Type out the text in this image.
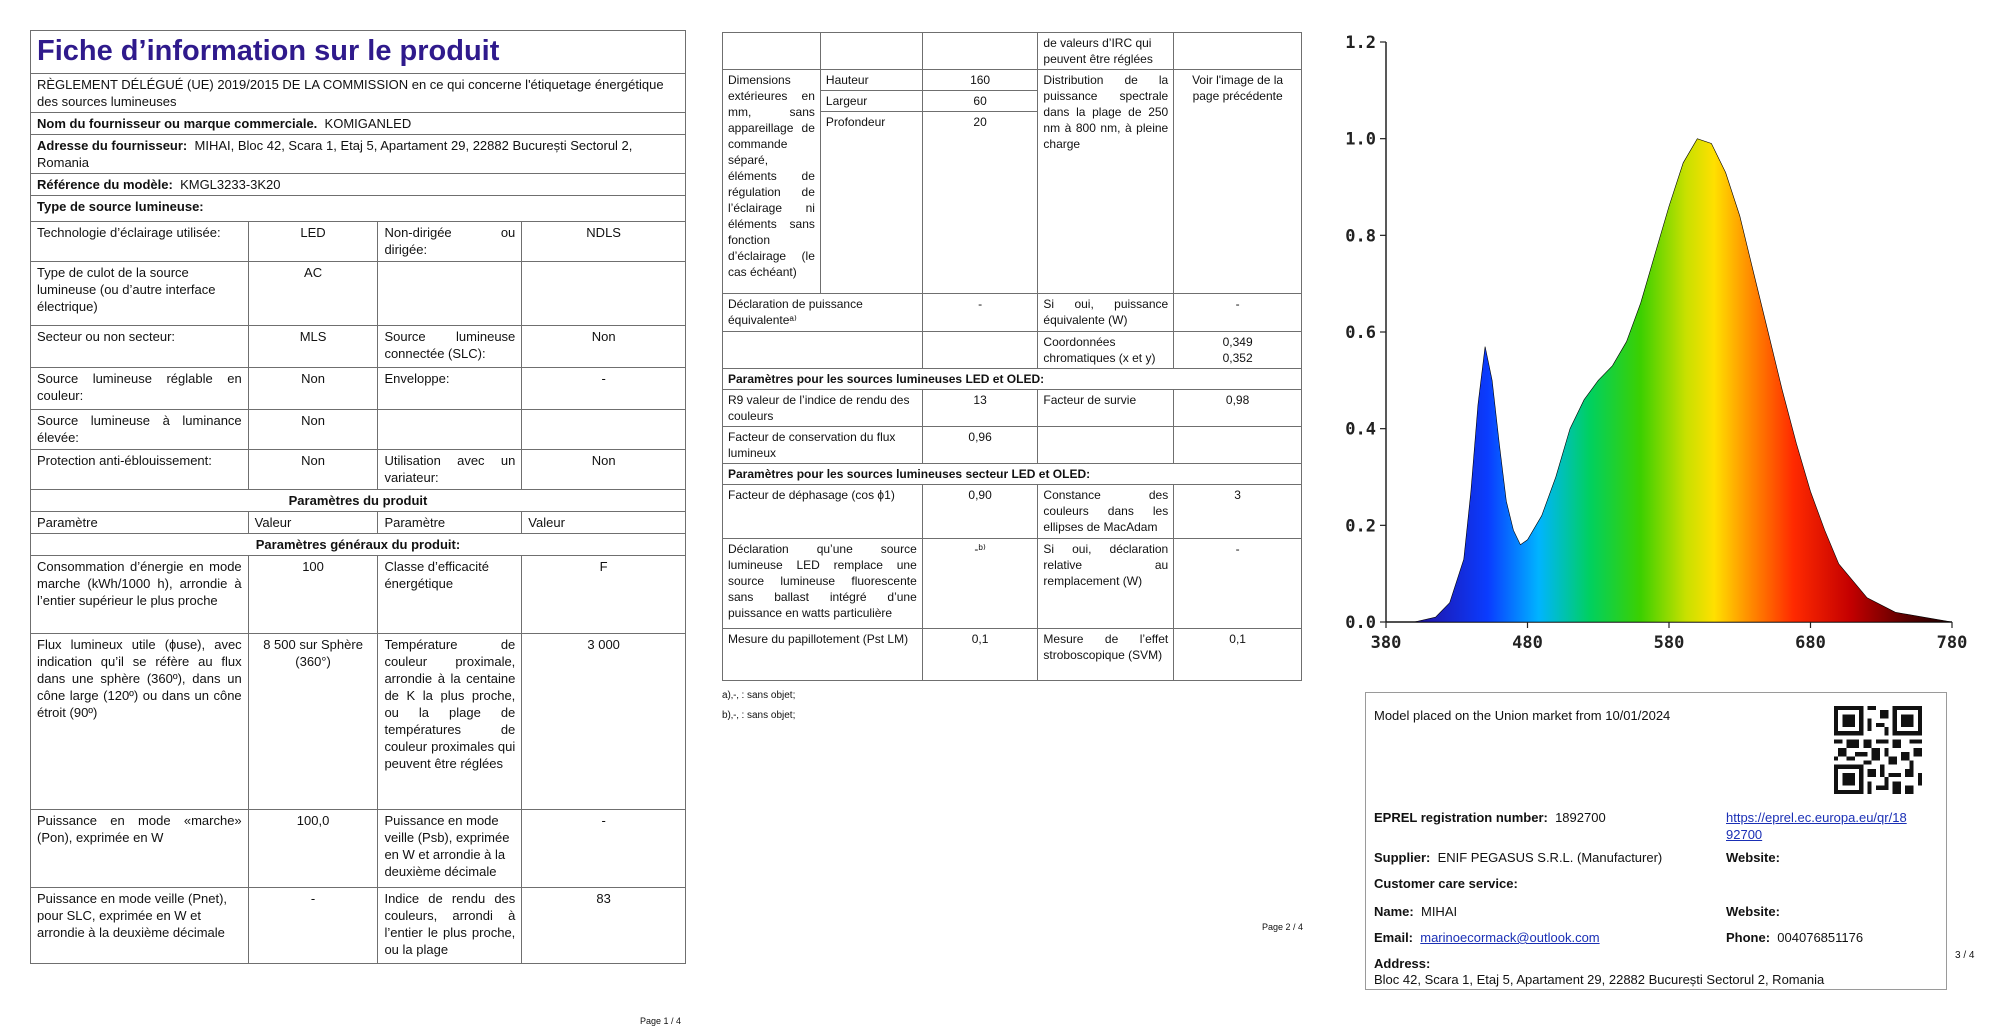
Fiche d’information sur le produit			
RÈGLEMENT DÉLÉGUÉ (UE) 2019/2015 DE LA COMMISSION en ce qui concerne l'étiquetage énergétique des sources lumineuses			
Nom du fournisseur ou marque commerciale. KOMIGANLED			
Adresse du fournisseur: MIHAI, Bloc 42, Scara 1, Etaj 5, Apartament 29, 22882 București Sectorul 2, Romania			
Référence du modèle: KMGL3233-3K20			
Type de source lumineuse:			
Technologie d’éclairage utilisée:	LED	Non-dirigée ou dirigée:	NDLS
Type de culot de la source lumineuse (ou d’autre interface électrique)	AC		
Secteur ou non secteur:	MLS	Source lumineuse connectée (SLC):	Non
Source lumineuse réglable en couleur:	Non	Enveloppe:	-
Source lumineuse à luminance élevée:	Non		
Protection anti-éblouissement:	Non	Utilisation avec un variateur:	Non
Paramètres du produit			
Paramètre	Valeur	Paramètre	Valeur
Paramètres généraux du produit:			
Consommation d’énergie en mode marche (kWh/1000 h), arrondie à l’entier supérieur le plus proche	100	Classe d’efficacité énergétique	F
Flux lumineux utile (ɸuse), avec indication qu’il se réfère au flux dans une sphère (360º), dans un cône large (120º) ou dans un cône étroit (90º)	8 500 sur Sphère (360°)	Température de couleur proximale, arrondie à la centaine de K la plus proche, ou la plage de températures de couleur proximales qui peuvent être réglées	3 000
Puissance en mode «marche» (Pon), exprimée en W	100,0	Puissance en mode veille (Psb), exprimée en W et arrondie à la deuxième décimale	-
Puissance en mode veille (Pnet), pour SLC, exprimée en W et arrondie à la deuxième décimale	-	Indice de rendu des couleurs, arrondi à l’entier le plus proche, ou la plage	83
Page 1 / 4
			de valeurs d’IRC qui peuvent être réglées	
Dimensions extérieures en mm, sans appareillage de commande séparé, éléments de régulation de l’éclairage ni éléments sans fonction d’éclairage (le cas échéant)	Hauteur	160	Distribution de la puissance spectrale dans la plage de 250 nm à 800 nm, à pleine charge	Voir l'image de la page précédente
	Largeur	60		
	Profondeur	20		
Déclaration de puissance équivalenteᵃ⁾		-	Si oui, puissance équivalente (W)	-
			Coordonnées chromatiques (x et y)	0,349
0,352

Paramètres pour les sources lumineuses LED et OLED:				
R9 valeur de l’indice de rendu des couleurs		13	Facteur de survie	0,98
Facteur de conservation du flux lumineux		0,96		
Paramètres pour les sources lumineuses secteur LED et OLED:				
Facteur de déphasage (cos ϕ1)		0,90	Constance des couleurs dans les ellipses de MacAdam	3
Déclaration qu’une source lumineuse LED remplace une source lumineuse fluorescente sans ballast intégré d’une puissance en watts particulière		-ᵇ⁾	Si oui, déclaration relative au remplacement (W)	-
Mesure du papillotement (Pst LM)		0,1	Mesure de l’effet stroboscopique (SVM)	0,1
a)‚-‚ : sans objet;
b)‚-‚ : sans objet;
Page 2 / 4
0.0
0.2
0.4
0.6
0.8
1.0
1.2
380	480	580	680	780
Model placed on the Union market from 10/01/2024
EPREL registration number: 1892700	https://eprel.ec.europa.eu/qr/18
92700
Supplier: ENIF PEGASUS S.R.L. (Manufacturer)	Website:
Customer care service:
Name: MIHAI	Website:
Email: marinoecormack@outlook.com	Phone: 004076851176
Address:
Bloc 42, Scara 1, Etaj 5, Apartament 29, 22882 București Sectorul 2, Romania
3 / 4
